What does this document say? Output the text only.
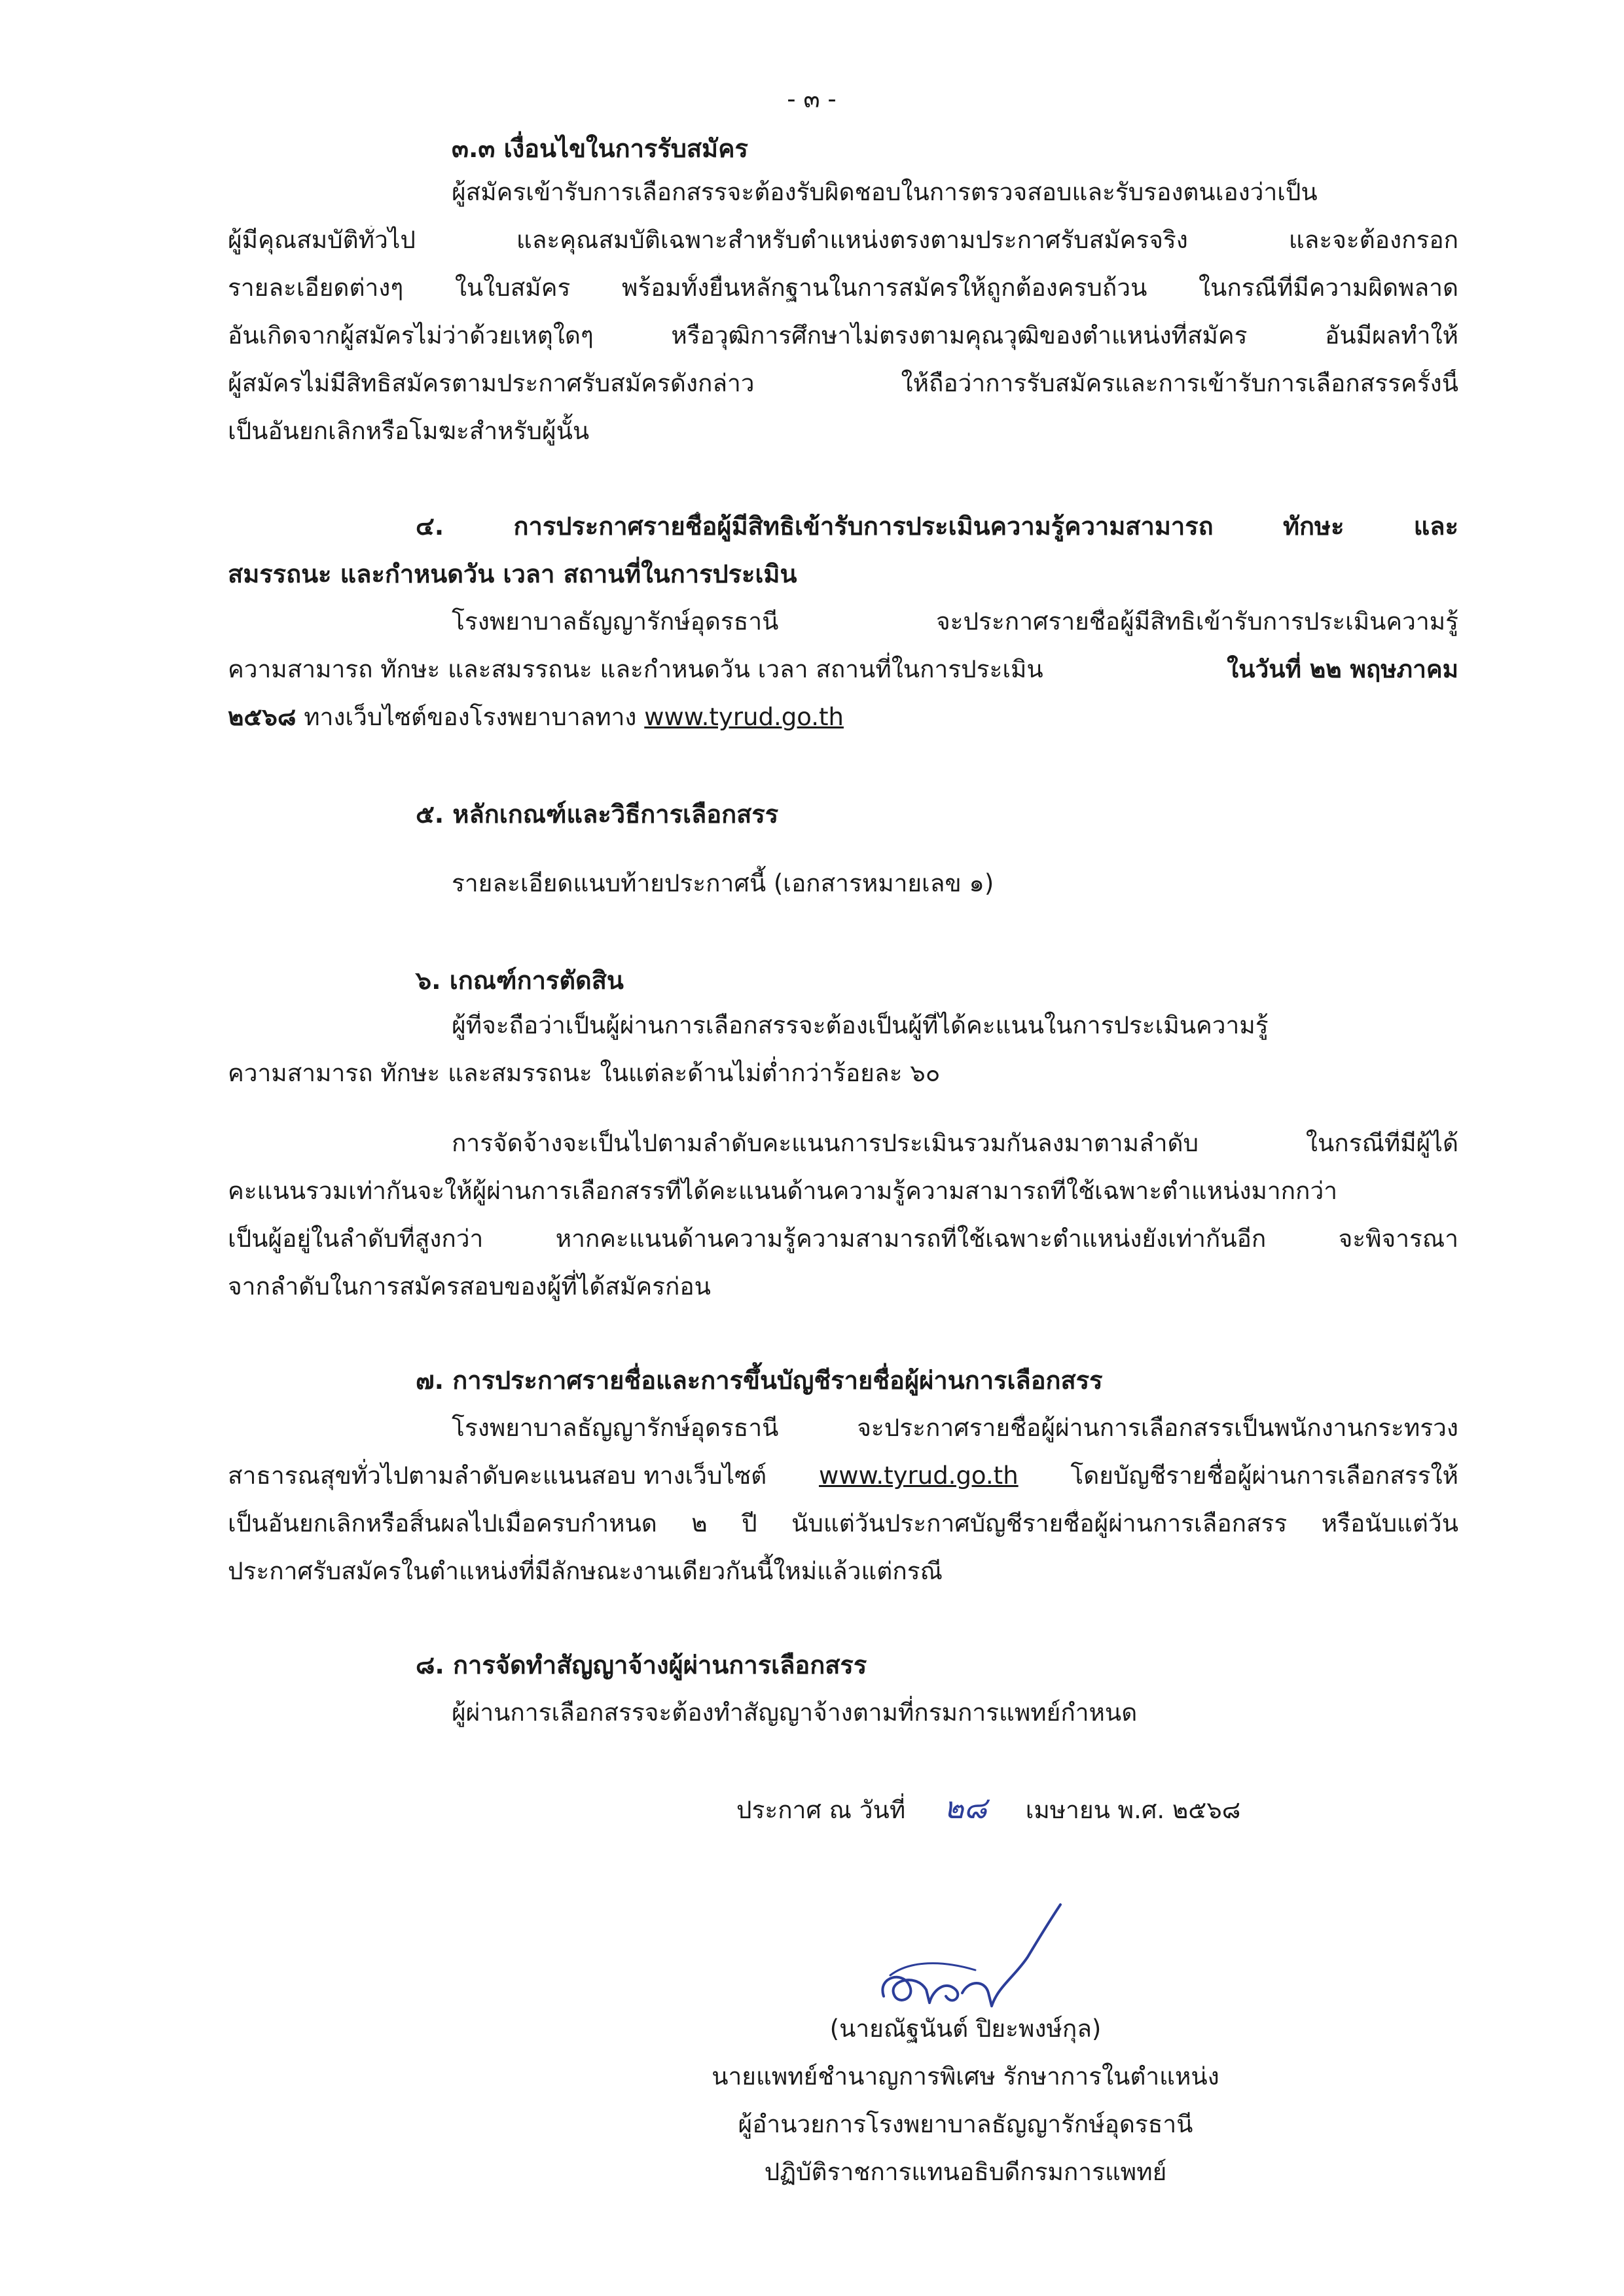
- ๓ -
๓.๓ เงื่อนไขในการรับสมัคร
ผู้สมัครเข้ารับการเลือกสรรจะต้องรับผิดชอบในการตรวจสอบและรับรองตนเองว่าเป็น
ผู้มีคุณสมบัติทั่วไป และคุณสมบัติเฉพาะสำหรับตำแหน่งตรงตามประกาศรับสมัครจริง และจะต้องกรอก
รายละเอียดต่างๆ ในใบสมัคร พร้อมทั้งยื่นหลักฐานในการสมัครให้ถูกต้องครบถ้วน ในกรณีที่มีความผิดพลาด
อันเกิดจากผู้สมัครไม่ว่าด้วยเหตุใดๆ หรือวุฒิการศึกษาไม่ตรงตามคุณวุฒิของตำแหน่งที่สมัคร อันมีผลทำให้
ผู้สมัครไม่มีสิทธิสมัครตามประกาศรับสมัครดังกล่าว ให้ถือว่าการรับสมัครและการเข้ารับการเลือกสรรครั้งนี้
เป็นอันยกเลิกหรือโมฆะสำหรับผู้นั้น
๔. การประกาศรายชื่อผู้มีสิทธิเข้ารับการประเมินความรู้ความสามารถ ทักษะ และ
สมรรถนะ และกำหนดวัน เวลา สถานที่ในการประเมิน
โรงพยาบาลธัญญารักษ์อุดรธานี จะประกาศรายชื่อผู้มีสิทธิเข้ารับการประเมินความรู้
ความสามารถ ทักษะ และสมรรถนะ และกำหนดวัน เวลา สถานที่ในการประเมิน	ในวันที่ ๒๒ พฤษภาคม
๒๕๖๘ ทางเว็บไซต์ของโรงพยาบาลทาง www.tyrud.go.th
๕. หลักเกณฑ์และวิธีการเลือกสรร
รายละเอียดแนบท้ายประกาศนี้ (เอกสารหมายเลข ๑)
๖. เกณฑ์การตัดสิน
ผู้ที่จะถือว่าเป็นผู้ผ่านการเลือกสรรจะต้องเป็นผู้ที่ได้คะแนนในการประเมินความรู้
ความสามารถ ทักษะ และสมรรถนะ ในแต่ละด้านไม่ต่ำกว่าร้อยละ ๖๐
การจัดจ้างจะเป็นไปตามลำดับคะแนนการประเมินรวมกันลงมาตามลำดับ ในกรณีที่มีผู้ได้
คะแนนรวมเท่ากันจะให้ผู้ผ่านการเลือกสรรที่ได้คะแนนด้านความรู้ความสามารถที่ใช้เฉพาะตำแหน่งมากกว่า
เป็นผู้อยู่ในลำดับที่สูงกว่า หากคะแนนด้านความรู้ความสามารถที่ใช้เฉพาะตำแหน่งยังเท่ากันอีก จะพิจารณา
จากลำดับในการสมัครสอบของผู้ที่ได้สมัครก่อน
๗. การประกาศรายชื่อและการขึ้นบัญชีรายชื่อผู้ผ่านการเลือกสรร
โรงพยาบาลธัญญารักษ์อุดรธานี จะประกาศรายชื่อผู้ผ่านการเลือกสรรเป็นพนักงานกระทรวง
สาธารณสุขทั่วไปตามลำดับคะแนนสอบ ทางเว็บไซต์ www.tyrud.go.th โดยบัญชีรายชื่อผู้ผ่านการเลือกสรรให้
เป็นอันยกเลิกหรือสิ้นผลไปเมื่อครบกำหนด ๒ ปี นับแต่วันประกาศบัญชีรายชื่อผู้ผ่านการเลือกสรร หรือนับแต่วัน
ประกาศรับสมัครในตำแหน่งที่มีลักษณะงานเดียวกันนี้ใหม่แล้วแต่กรณี
๘. การจัดทำสัญญาจ้างผู้ผ่านการเลือกสรร
ผู้ผ่านการเลือกสรรจะต้องทำสัญญาจ้างตามที่กรมการแพทย์กำหนด
ประกาศ ณ วันที่ ๒๘ เมษายน พ.ศ. ๒๕๖๘
(นายณัฐนันต์ ปิยะพงษ์กุล)
นายแพทย์ชำนาญการพิเศษ รักษาการในตำแหน่ง
ผู้อำนวยการโรงพยาบาลธัญญารักษ์อุดรธานี
ปฏิบัติราชการแทนอธิบดีกรมการแพทย์
